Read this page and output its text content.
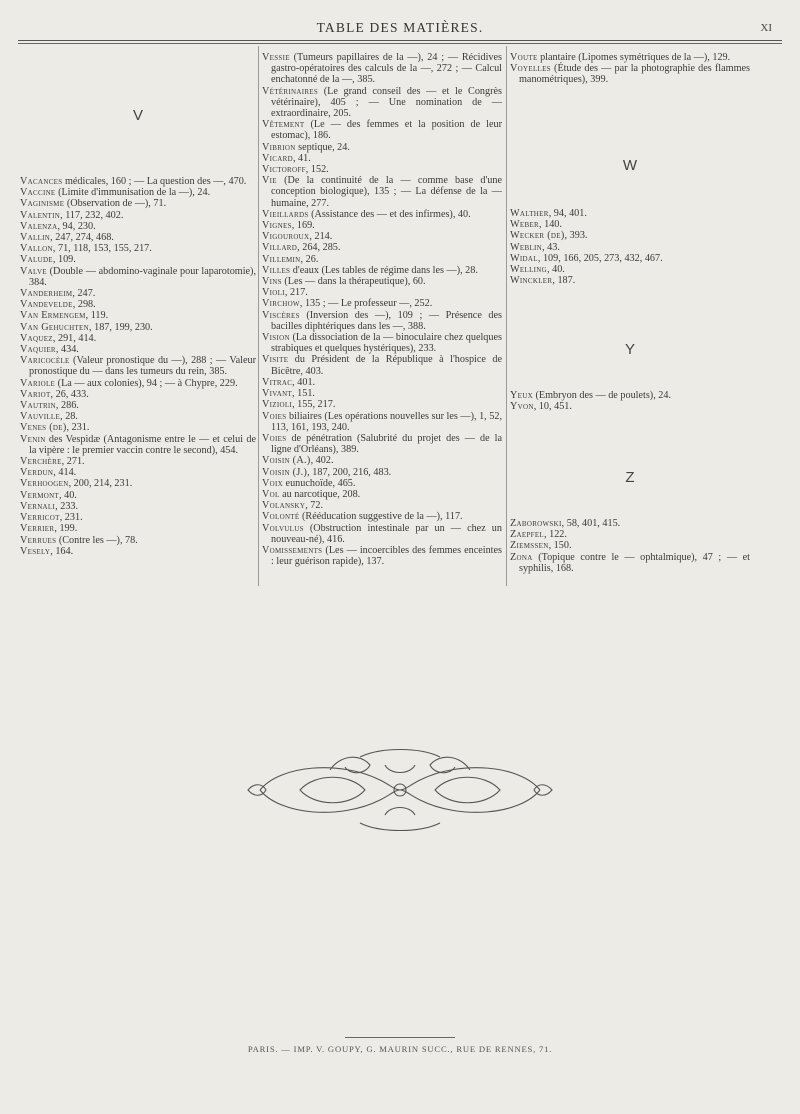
TABLE DES MATIÈRES.	XI
V

Vacances médicales, 160 ; — La question des —, 470.

Vaccine (Limite d'immunisation de la —), 24.

Vaginisme (Observation de —), 71.

Valentin, 117, 232, 402.

Valenza, 94, 230.

Vallin, 247, 274, 468.

Vallon, 71, 118, 153, 155, 217.

Valude, 109.

Valve (Double — abdomino-vaginale pour laparotomie), 384.

Vanderheim, 247.

Vandevelde, 298.

Van Ermengem, 119.

Van Gehuchten, 187, 199, 230.

Vaquez, 291, 414.

Vaquier, 434.

Varicocèle (Valeur pronostique du —), 288 ; — Valeur pronostique du — dans les tumeurs du rein, 385.

Variole (La — aux colonies), 94 ; — à Chypre, 229.

Variot, 26, 433.

Vautrin, 286.

Vauville, 28.

Venes (de), 231.

Venin des Vespidæ (Antagonisme entre le — et celui de la vipère : le premier vaccin contre le second), 454.

Verchère, 271.

Verdun, 414.

Verhoogen, 200, 214, 231.

Vermont, 40.

Vernali, 233.

Verricot, 231.

Verrier, 199.

Verrues (Contre les —), 78.

Vesely, 164.

Vessie (Tumeurs papillaires de la —), 24 ; — Récidives gastro-opératoires des calculs de la —, 272 ; — Calcul enchatonné de la —, 385.

Vétérinaires (Le grand conseil des — et le Congrès vétérinaire), 405 ; — Une nomination de — extraordinaire, 205.

Vêtement (Le — des femmes et la position de leur estomac), 186.

Vibrion septique, 24.

Vicard, 41.

Victoroff, 152.

Vie (De la continuité de la — comme base d'une conception biologique), 135 ; — La défense de la — humaine, 277.

Vieillards (Assistance des — et des infirmes), 40.

Vignes, 169.

Vigouroux, 214.

Villard, 264, 285.

Villemin, 26.

Villes d'eaux (Les tables de régime dans les —), 28.

Vins (Les — dans la thérapeutique), 60.

Violi, 217.

Virchow, 135 ; — Le professeur —, 252.

Viscères (Inversion des —), 109 ; — Présence des bacilles diphtériques dans les —, 388.

Vision (La dissociation de la — binoculaire chez quelques strabiques et quelques hystériques), 233.

Visite du Président de la République à l'hospice de Bicêtre, 403.

Vitrac, 401.

Vivant, 151.

Vizioli, 155, 217.

Voies biliaires (Les opérations nouvelles sur les —), 1, 52, 113, 161, 193, 240.

Voies de pénétration (Salubrité du projet des — de la ligne d'Orléans), 389.

Voisin (A.), 402.

Voisin (J.), 187, 200, 216, 483.

Voix eunuchoïde, 465.

Vol au narcotique, 208.

Volansky, 72.

Volonté (Rééducation suggestive de la —), 117.

Volvulus (Obstruction intestinale par un — chez un nouveau-né), 416.

Vomissements (Les — incoercibles des femmes enceintes : leur guérison rapide), 137.

Voute plantaire (Lipomes symétriques de la —), 129.

Voyelles (Étude des — par la photographie des flammes manométriques), 399.

W

Walther, 94, 401.

Weber, 140.

Wecker (de), 393.

Weblin, 43.

Widal, 109, 166, 205, 273, 432, 467.

Welling, 40.

Winckler, 187.

Y

Yeux (Embryon des — de poulets), 24.

Yvon, 10, 451.

Z

Zaborowski, 58, 401, 415.

Zaepfel, 122.

Ziemssen, 150.

Zona (Topique contre le — ophtalmique), 47 ; — et syphilis, 168.

PARIS. — IMP. V. GOUPY, G. MAURIN SUCC., RUE DE RENNES, 71.
